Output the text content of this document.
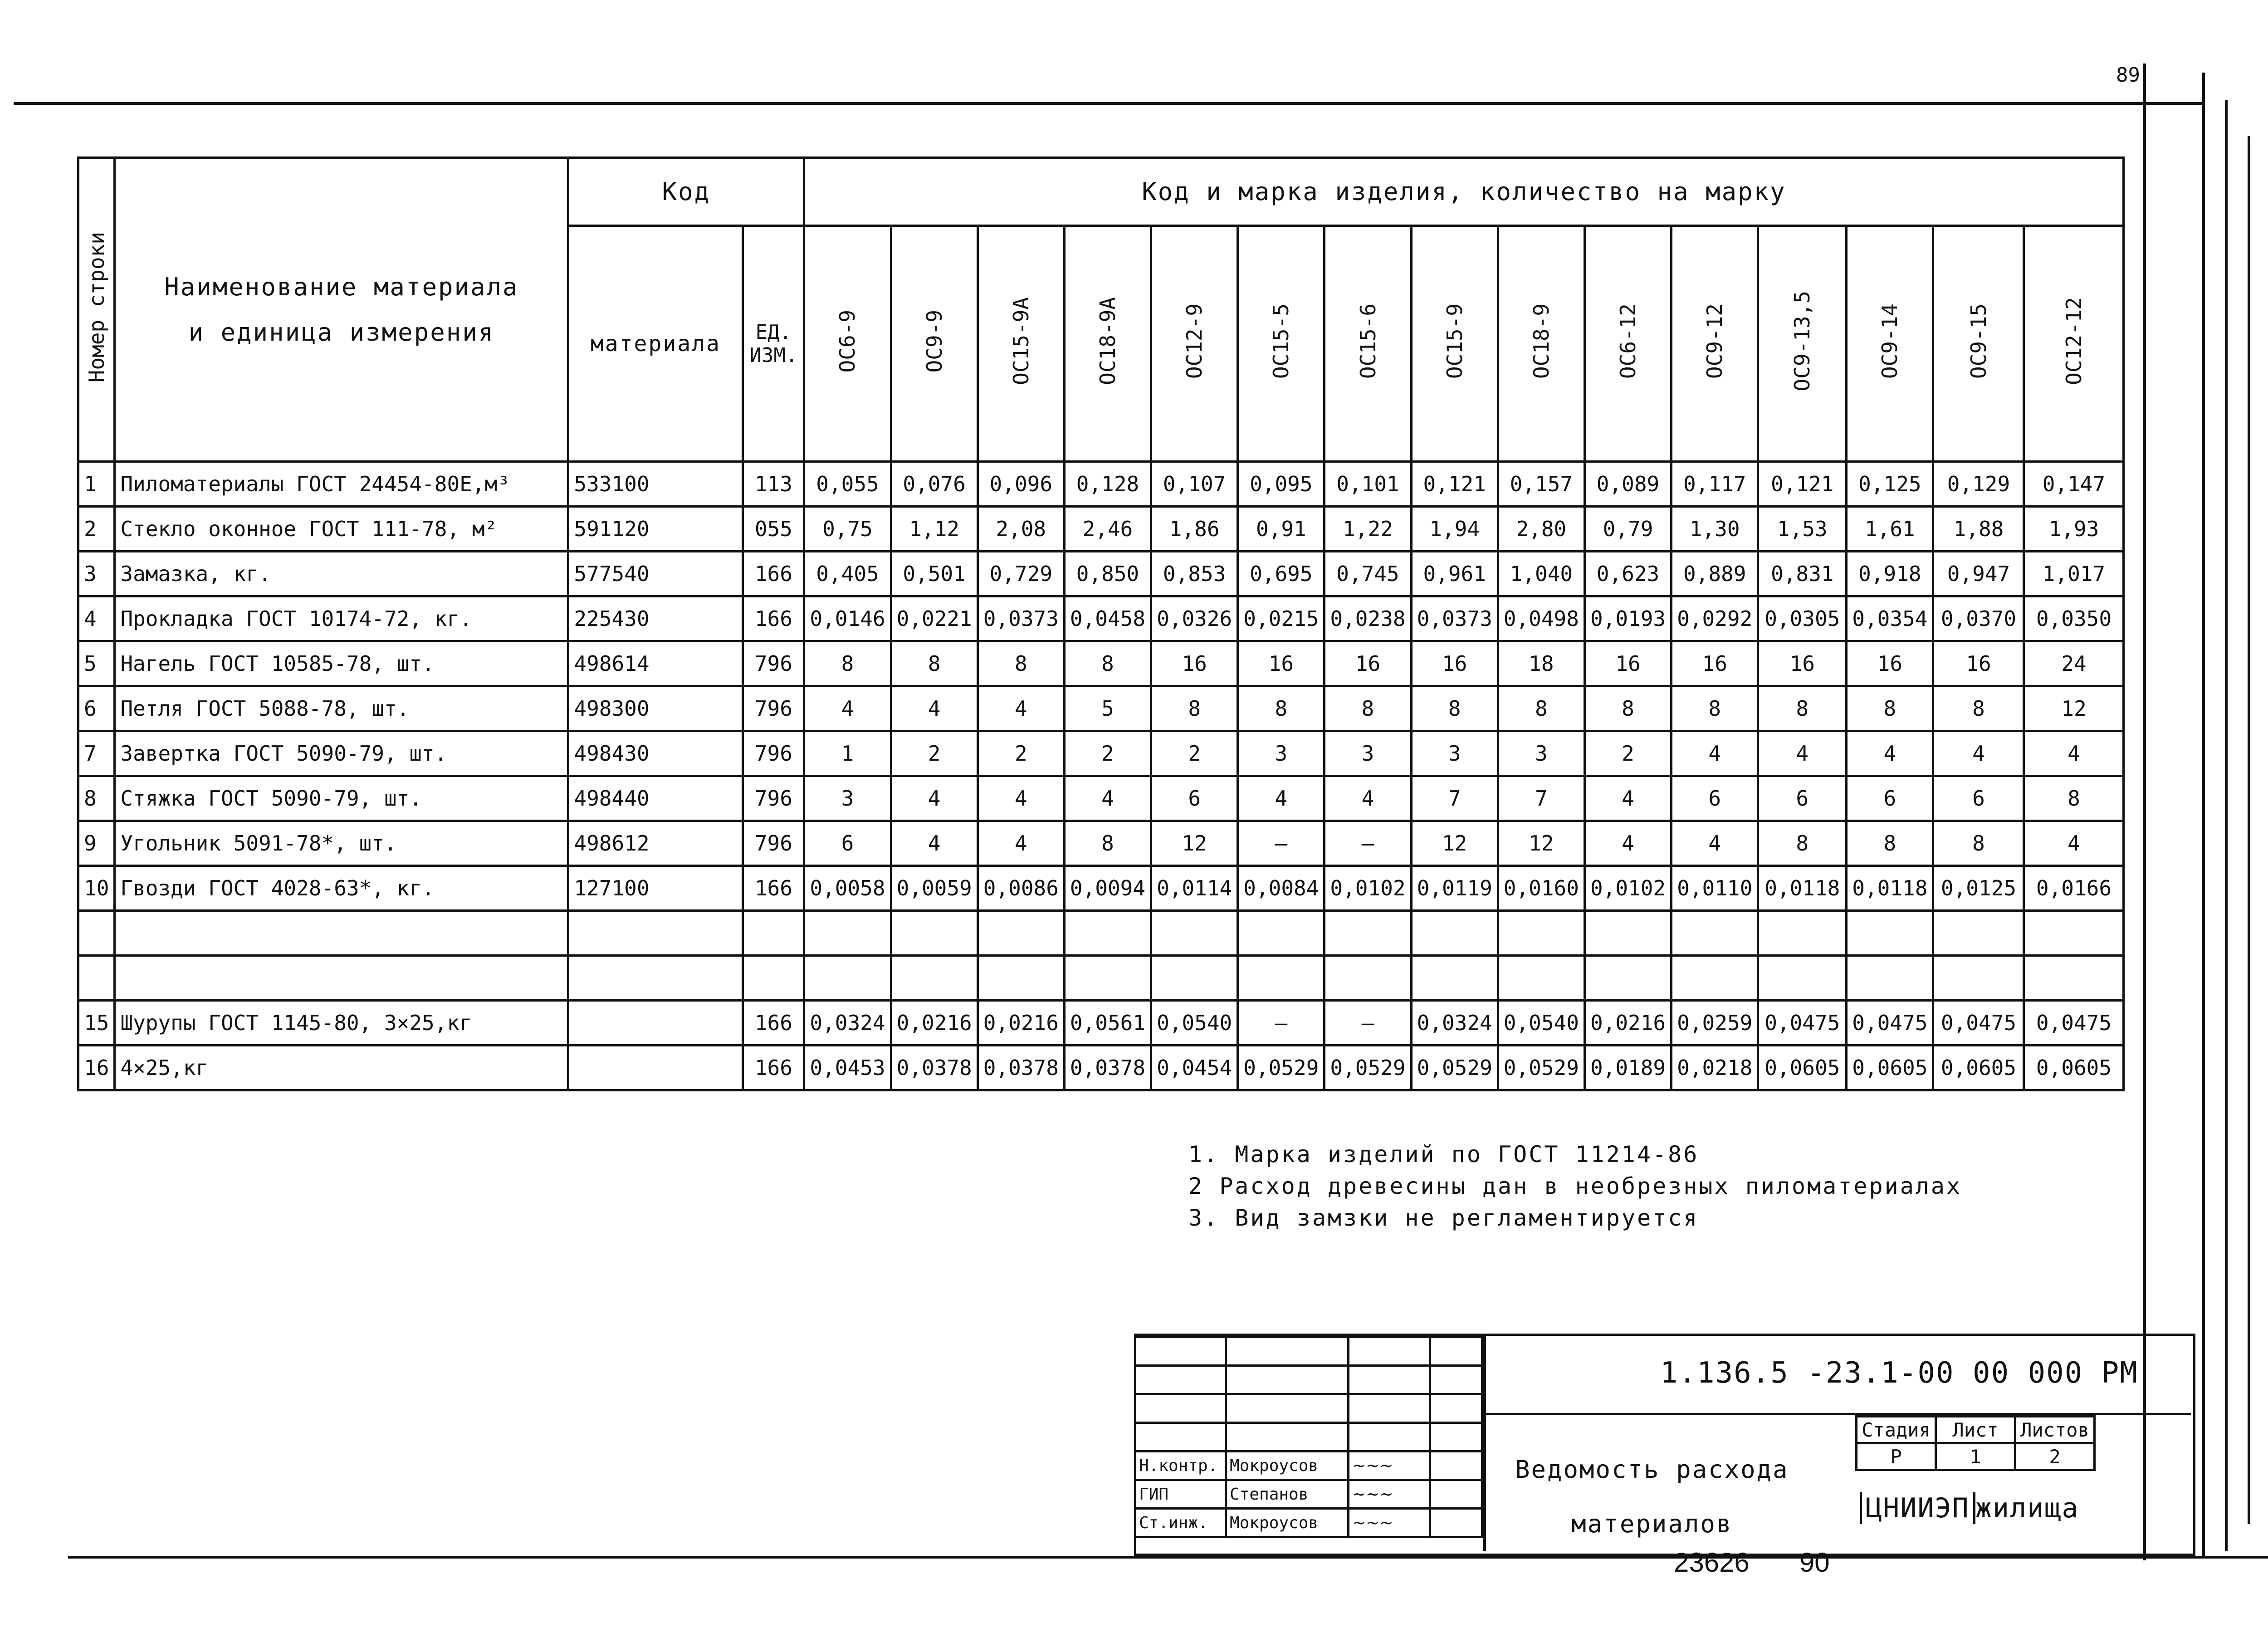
89
Номер строки	Наименование материала и единица измерения	Код		Код и марка изделия, количество на марку														
		материала	ЕД. ИЗМ.	ОС6-9	ОС9-9	ОС15-9А	ОС18-9А	ОС12-9	ОС15-5	ОС15-6	ОС15-9	ОС18-9	ОС6-12	ОС9-12	ОС9-13,5	ОС9-14	ОС9-15	ОС12-12
1	Пиломатериалы ГОСТ 24454-80Е,м³	533100	113	0,055	0,076	0,096	0,128	0,107	0,095	0,101	0,121	0,157	0,089	0,117	0,121	0,125	0,129	0,147
2	Стекло оконное ГОСТ 111-78, м²	591120	055	0,75	1,12	2,08	2,46	1,86	0,91	1,22	1,94	2,80	0,79	1,30	1,53	1,61	1,88	1,93
3	Замазка, кг.	577540	166	0,405	0,501	0,729	0,850	0,853	0,695	0,745	0,961	1,040	0,623	0,889	0,831	0,918	0,947	1,017
4	Прокладка ГОСТ 10174-72, кг.	225430	166	0,0146	0,0221	0,0373	0,0458	0,0326	0,0215	0,0238	0,0373	0,0498	0,0193	0,0292	0,0305	0,0354	0,0370	0,0350
5	Нагель ГОСТ 10585-78, шт.	498614	796	8	8	8	8	16	16	16	16	18	16	16	16	16	16	24
6	Петля ГОСТ 5088-78, шт.	498300	796	4	4	4	5	8	8	8	8	8	8	8	8	8	8	12
7	Завертка ГОСТ 5090-79, шт.	498430	796	1	2	2	2	2	3	3	3	3	2	4	4	4	4	4
8	Стяжка ГОСТ 5090-79, шт.	498440	796	3	4	4	4	6	4	4	7	7	4	6	6	6	6	8
9	Угольник 5091-78*, шт.	498612	796	6	4	4	8	12	—	—	12	12	4	4	8	8	8	4
10	Гвозди ГОСТ 4028-63*, кг.	127100	166	0,0058	0,0059	0,0086	0,0094	0,0114	0,0084	0,0102	0,0119	0,0160	0,0102	0,0110	0,0118	0,0118	0,0125	0,0166

15	Шурупы ГОСТ 1145-80, 3×25,кг		166	0,0324	0,0216	0,0216	0,0561	0,0540	—	—	0,0324	0,0540	0,0216	0,0259	0,0475	0,0475	0,0475	0,0475
16	4×25,кг		166	0,0453	0,0378	0,0378	0,0378	0,0454	0,0529	0,0529	0,0529	0,0529	0,0189	0,0218	0,0605	0,0605	0,0605	0,0605
1. Марка изделий по ГОСТ 11214-86
2 Расход древесины дан в необрезных пиломатериалах
3. Вид замзки не регламентируется

Н.контр.	Мокроусов	~~~	
ГИП	Степанов	~~~	
Ст.инж.	Мокроусов	~~~	
1.136.5 -23.1-00 00 000 РМ
Ведомость расхода
материалов
Стадия	Лист	Листов
Р	1	2
ЦНИИЭП жилища
23626 90
